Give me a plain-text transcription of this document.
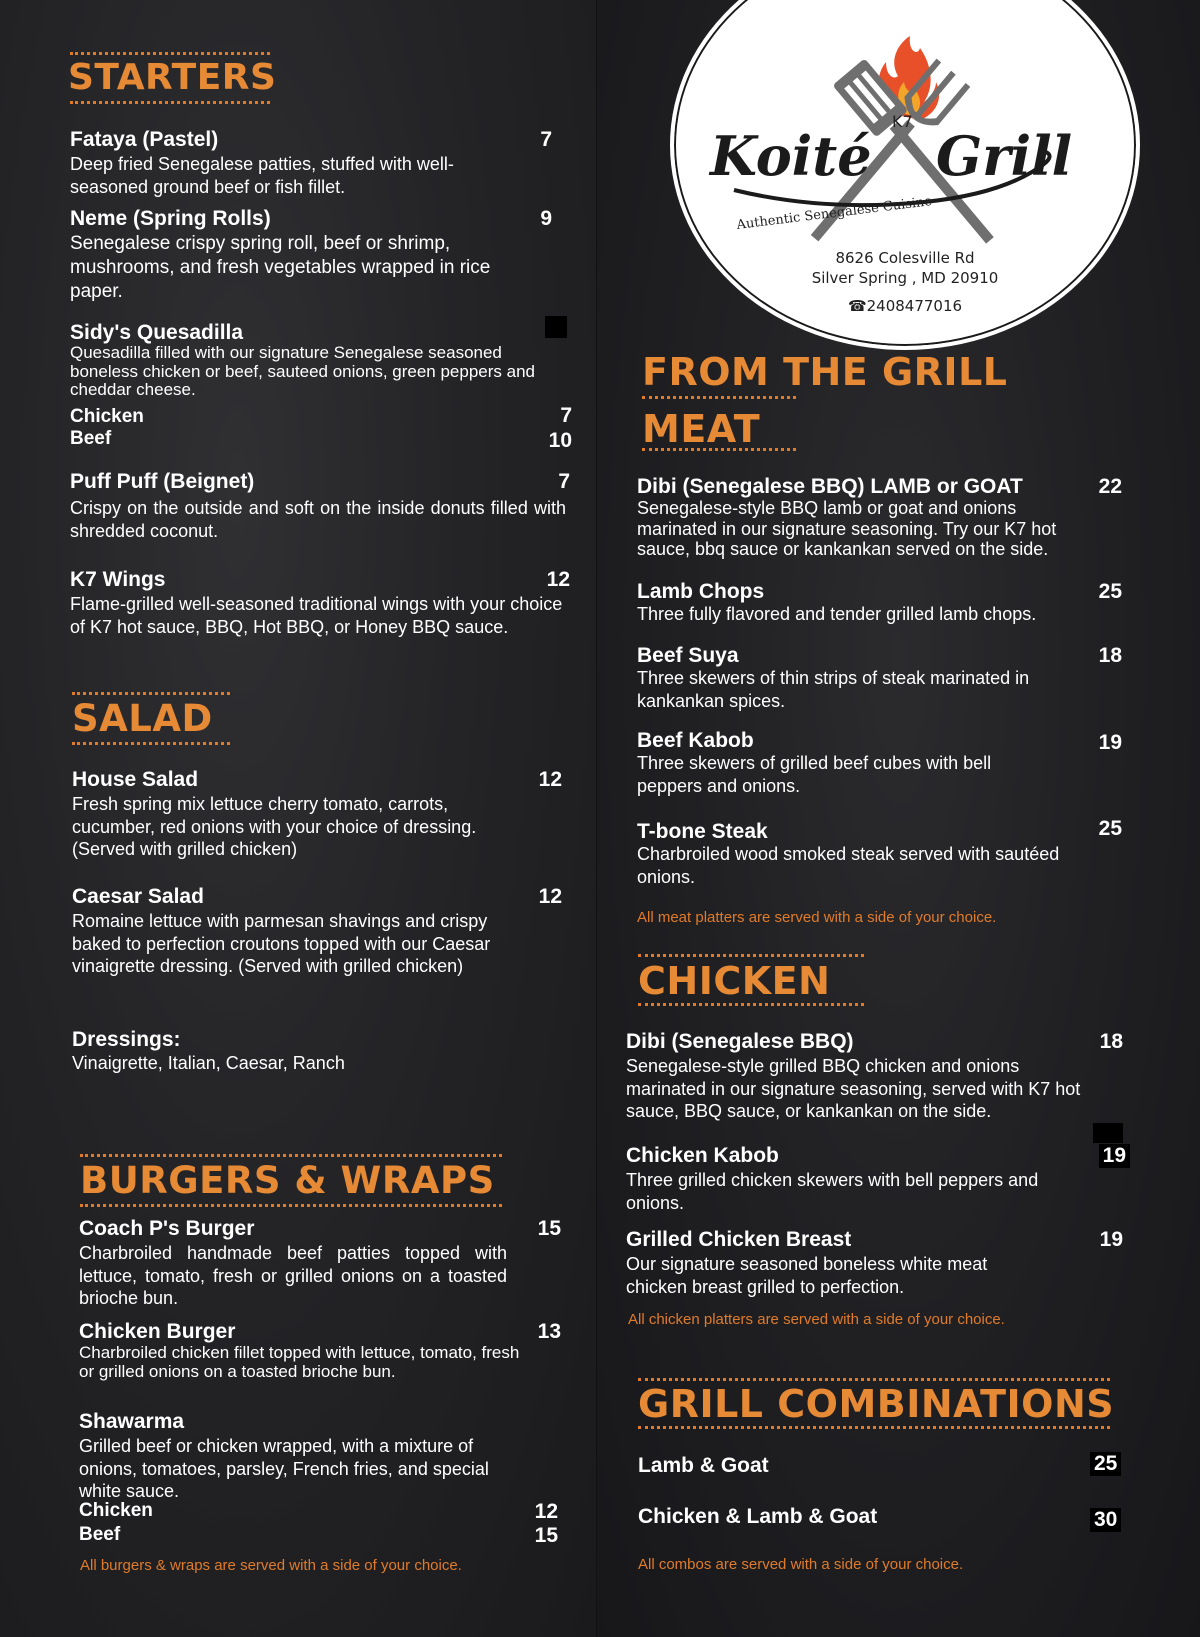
K7
Koité Grill
Authentic Senegalese Cuisine
8626 Colesville Rd
Silver Spring , MD 20910
☎2408477016
STARTERS
Fataya (Pastel)
Deep fried Senegalese patties, stuffed with well-seasoned ground beef or fish fillet.
7
Neme (Spring Rolls)
Senegalese crispy spring roll, beef or shrimp, mushrooms, and fresh vegetables wrapped in rice paper.
9
Sidy's Quesadilla
Quesadilla filled with our signature Senegalese seasoned boneless chicken or beef, sauteed onions, green peppers and cheddar cheese.
Chicken	7
Beef	10
Puff Puff (Beignet)
Crispy on the outside and soft on the inside donuts filled with shredded coconut.
7
K7 Wings
Flame-grilled well-seasoned traditional wings with your choice of K7 hot sauce, BBQ, Hot BBQ, or Honey BBQ sauce.
12
SALAD
House Salad
Fresh spring mix lettuce cherry tomato, carrots, cucumber, red onions with your choice of dressing. (Served with grilled chicken)
12
Caesar Salad
Romaine lettuce with parmesan shavings and crispy baked to perfection croutons topped with our Caesar vinaigrette dressing. (Served with grilled chicken)
12
Dressings:
Vinaigrette, Italian, Caesar, Ranch
BURGERS & WRAPS
Coach P's Burger
Charbroiled handmade beef patties topped with lettuce, tomato, fresh or grilled onions on a toasted brioche bun.
15
Chicken Burger
Charbroiled chicken fillet topped with lettuce, tomato, fresh or grilled onions on a toasted brioche bun.
13
Shawarma
Grilled beef or chicken wrapped, with a mixture of onions, tomatoes, parsley, French fries, and special white sauce.
Chicken	12
Beef	15
All burgers & wraps are served with a side of your choice.
FROM THE GRILL
MEAT
Dibi (Senegalese BBQ) LAMB or GOAT
Senegalese-style BBQ lamb or goat and onions marinated in our signature seasoning. Try our K7 hot sauce, bbq sauce or kankankan served on the side.
22
Lamb Chops
Three fully flavored and tender grilled lamb chops.
25
Beef Suya
Three skewers of thin strips of steak marinated in kankankan spices.
18
Beef Kabob
Three skewers of grilled beef cubes with bell peppers and onions.
19
T-bone Steak
Charbroiled wood smoked steak served with sautéed onions.
25
All meat platters are served with a side of your choice.
CHICKEN
Dibi (Senegalese BBQ)
Senegalese-style grilled BBQ chicken and onions marinated in our signature seasoning, served with K7 hot sauce, BBQ sauce, or kankankan on the side.
18
Chicken Kabob
Three grilled chicken skewers with bell peppers and onions.
19
Grilled Chicken Breast
Our signature seasoned boneless white meat chicken breast grilled to perfection.
19
All chicken platters are served with a side of your choice.
GRILL COMBINATIONS
Lamb & Goat	25
Chicken & Lamb & Goat	30
All combos are served with a side of your choice.
